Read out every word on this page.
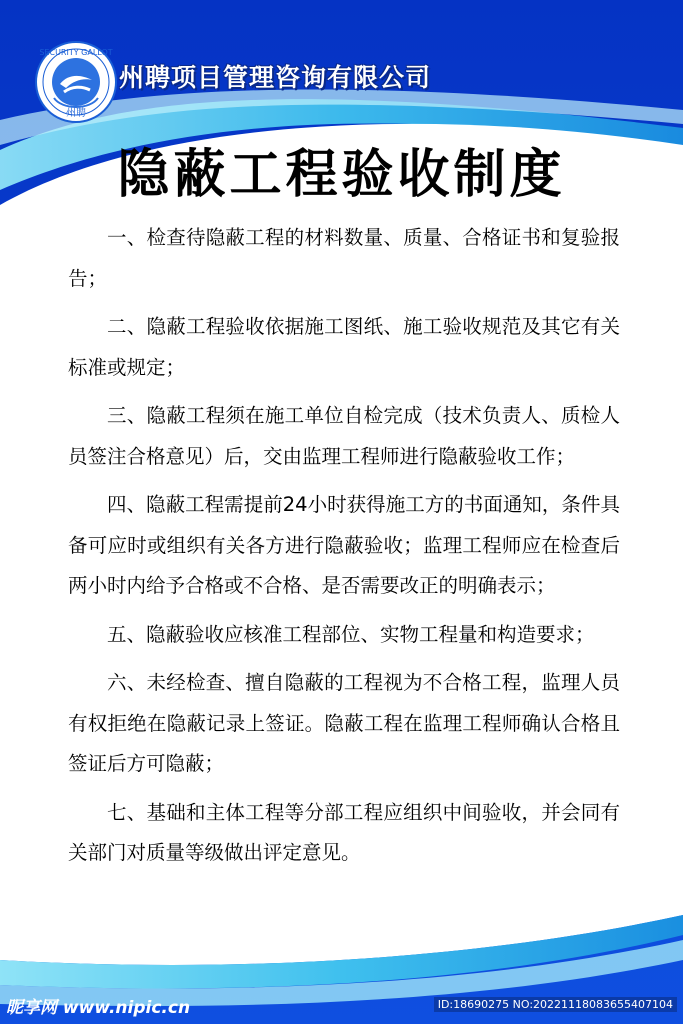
SECURITY GALLOT
州聘
州聘项目管理咨询有限公司
隐蔽工程验收制度

一、检查待隐蔽工程的材料数量、质量、合格证书和复验报告；

二、隐蔽工程验收依据施工图纸、施工验收规范及其它有关标准或规定；

三、隐蔽工程须在施工单位自检完成（技术负责人、质检人员签注合格意见）后，交由监理工程师进行隐蔽验收工作；

四、隐蔽工程需提前24小时获得施工方的书面通知，条件具备可应时或组织有关各方进行隐蔽验收；监理工程师应在检查后两小时内给予合格或不合格、是否需要改正的明确表示；

五、隐蔽验收应核准工程部位、实物工程量和构造要求；

六、未经检查、擅自隐蔽的工程视为不合格工程，监理人员有权拒绝在隐蔽记录上签证。隐蔽工程在监理工程师确认合格且签证后方可隐蔽；

七、基础和主体工程等分部工程应组织中间验收，并会同有关部门对质量等级做出评定意见。

昵享网 www.nipic.cn	ID:18690275 NO:20221118083655407104
